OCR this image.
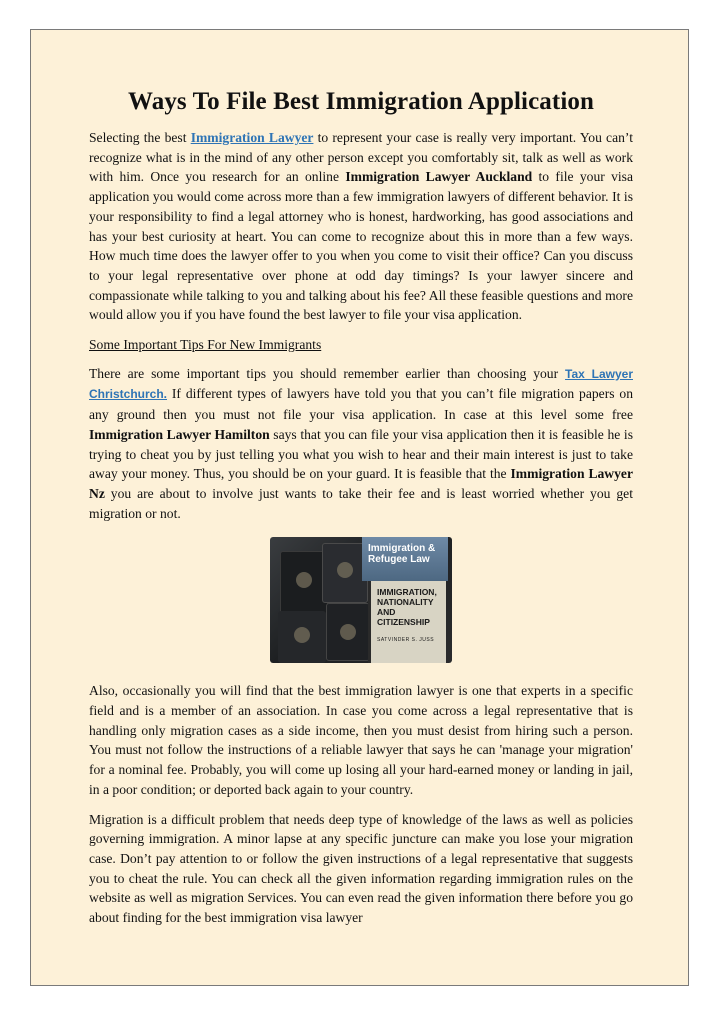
Ways To File Best Immigration Application

Selecting the best Immigration Lawyer to represent your case is really very important. You can’t recognize what is in the mind of any other person except you comfortably sit, talk as well as work with him. Once you research for an online Immigration Lawyer Auckland to file your visa application you would come across more than a few immigration lawyers of different behavior. It is your responsibility to find a legal attorney who is honest, hardworking, has good associations and has your best curiosity at heart. You can come to recognize about this in more than a few ways. How much time does the lawyer offer to you when you come to visit their office? Can you discuss to your legal representative over phone at odd day timings? Is your lawyer sincere and compassionate while talking to you and talking about his fee? All these feasible questions and more would allow you if you have found the best lawyer to file your visa application.

Some Important Tips For New Immigrants

There are some important tips you should remember earlier than choosing your Tax Lawyer Christchurch. If different types of lawyers have told you that you can’t file migration papers on any ground then you must not file your visa application. In case at this level some free Immigration Lawyer Hamilton says that you can file your visa application then it is feasible he is trying to cheat you by just telling you what you wish to hear and their main interest is just to take away your money. Thus, you should be on your guard. It is feasible that the Immigration Lawyer Nz you are about to involve just wants to take their fee and is least worried whether you get migration or not.

Immigration & Refugee Law
IMMIGRATION, NATIONALITY AND CITIZENSHIP
SATVINDER S. JUSS

Also, occasionally you will find that the best immigration lawyer is one that experts in a specific field and is a member of an association. In case you come across a legal representative that is handling only migration cases as a side income, then you must desist from hiring such a person. You must not follow the instructions of a reliable lawyer that says he can 'manage your migration' for a nominal fee. Probably, you will come up losing all your hard-earned money or landing in jail, in a poor condition; or deported back again to your country.

Migration is a difficult problem that needs deep type of knowledge of the laws as well as policies governing immigration. A minor lapse at any specific juncture can make you lose your migration case. Don’t pay attention to or follow the given instructions of a legal representative that suggests you to cheat the rule. You can check all the given information regarding immigration rules on the website as well as migration Services. You can even read the given information there before you go about finding for the best immigration visa lawyer
